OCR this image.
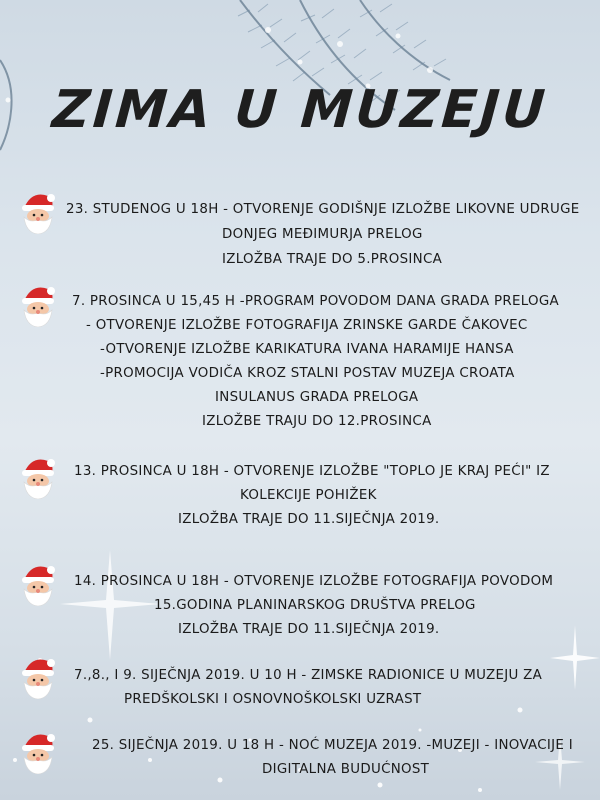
ZIMA U MUZEJU
23. STUDENOG U 18H - OTVORENJE GODIŠNJE IZLOŽBE LIKOVNE UDRUGE
DONJEG MEĐIMURJA PRELOG
IZLOŽBA TRAJE DO 5.PROSINCA
7. PROSINCA U 15,45 H -PROGRAM POVODOM DANA GRADA PRELOGA
- OTVORENJE IZLOŽBE FOTOGRAFIJA ZRINSKE GARDE ČAKOVEC
-OTVORENJE IZLOŽBE KARIKATURA IVANA HARAMIJE HANSA
-PROMOCIJA VODIČA KROZ STALNI POSTAV MUZEJA CROATA
INSULANUS GRADA PRELOGA
IZLOŽBE TRAJU DO 12.PROSINCA
13. PROSINCA U 18H - OTVORENJE IZLOŽBE "TOPLO JE KRAJ PEĆI" IZ
KOLEKCIJE POHIŽEK
IZLOŽBA TRAJE DO 11.SIJEČNJA 2019.
14. PROSINCA U 18H - OTVORENJE IZLOŽBE FOTOGRAFIJA POVODOM
15.GODINA PLANINARSKOG DRUŠTVA PRELOG
IZLOŽBA TRAJE DO 11.SIJEČNJA 2019.
7.,8., I 9. SIJEČNJA 2019. U 10 H - ZIMSKE RADIONICE U MUZEJU ZA
PREDŠKOLSKI I OSNOVNOŠKOLSKI UZRAST
25. SIJEČNJA 2019. U 18 H - NOĆ MUZEJA 2019. -MUZEJI - INOVACIJE I
DIGITALNA BUDUĆNOST
